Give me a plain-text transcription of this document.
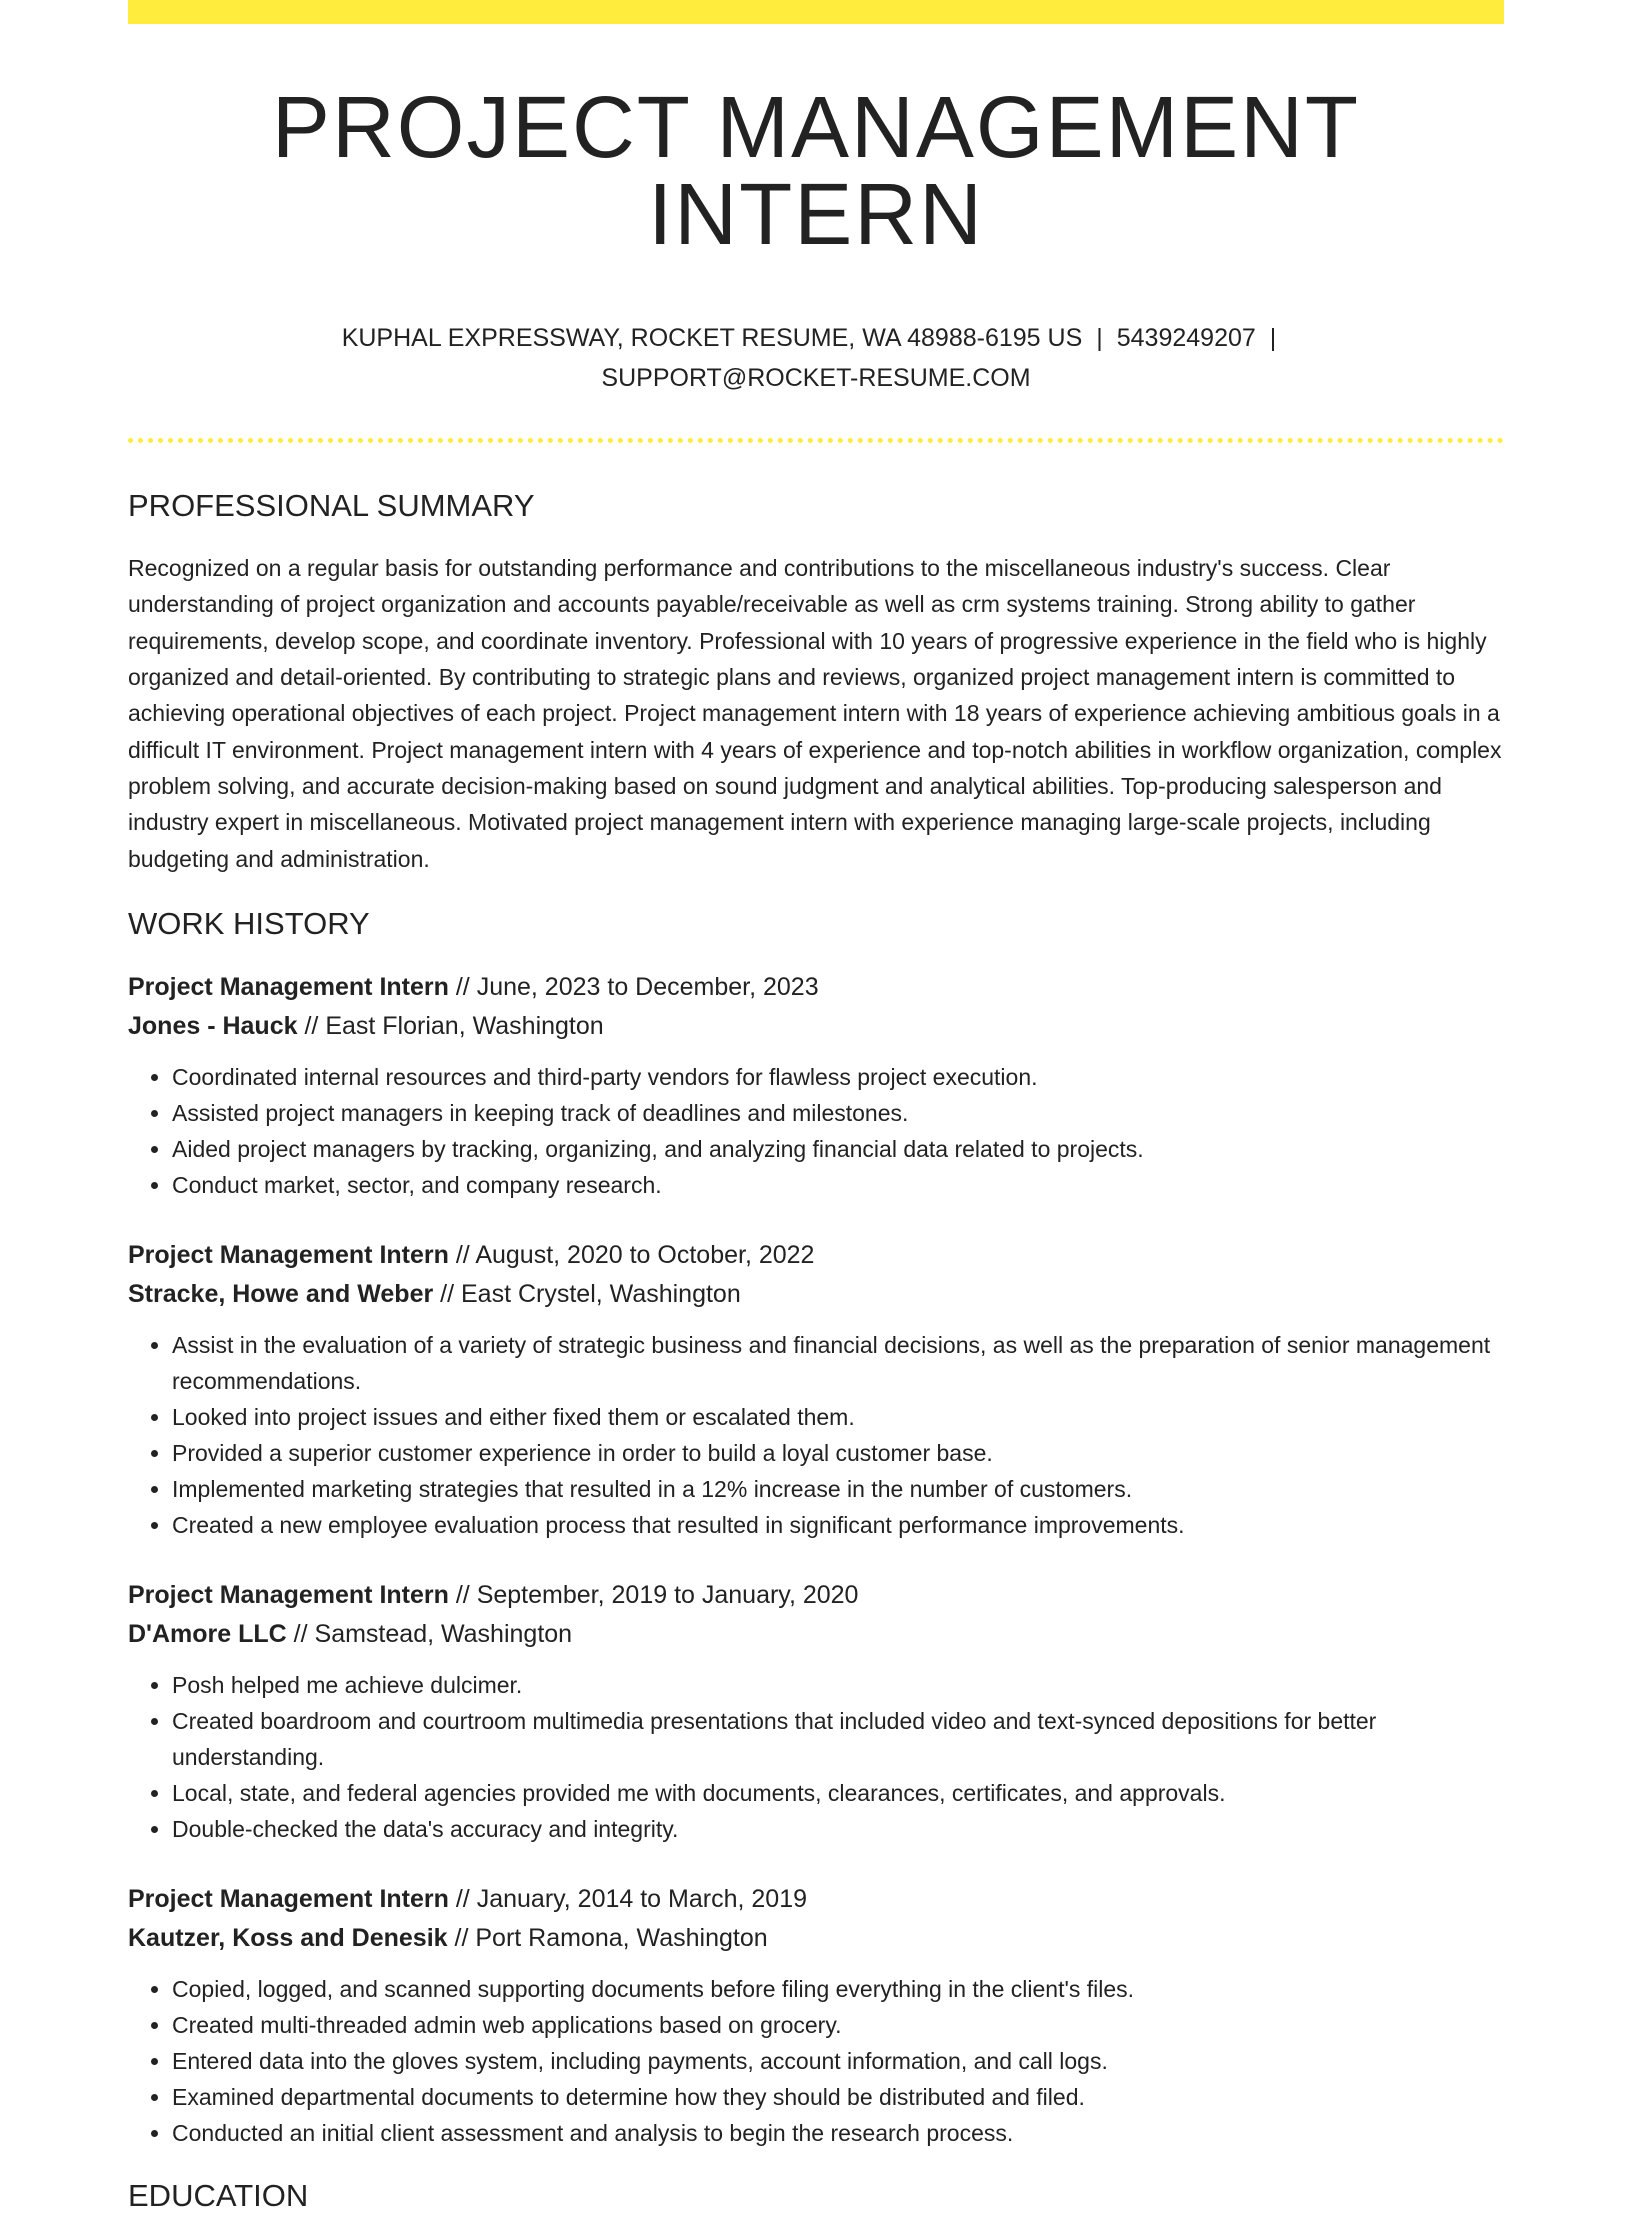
PROJECT MANAGEMENT INTERN
KUPHAL EXPRESSWAY, ROCKET RESUME, WA 48988-6195 US | 5439249207 |
SUPPORT@ROCKET-RESUME.COM
PROFESSIONAL SUMMARY

Recognized on a regular basis for outstanding performance and contributions to the miscellaneous industry's success. Clear understanding of project organization and accounts payable/receivable as well as crm systems training. Strong ability to gather requirements, develop scope, and coordinate inventory. Professional with 10 years of progressive experience in the field who is highly organized and detail-oriented. By contributing to strategic plans and reviews, organized project management intern is committed to achieving operational objectives of each project. Project management intern with 18 years of experience achieving ambitious goals in a difficult IT environment. Project management intern with 4 years of experience and top-notch abilities in workflow organization, complex problem solving, and accurate decision-making based on sound judgment and analytical abilities. Top-producing salesperson and industry expert in miscellaneous. Motivated project management intern with experience managing large-scale projects, including budgeting and administration.

WORK HISTORY
Project Management Intern // June, 2023 to December, 2023
Jones - Hauck // East Florian, Washington
• Coordinated internal resources and third-party vendors for flawless project execution.
• Assisted project managers in keeping track of deadlines and milestones.
• Aided project managers by tracking, organizing, and analyzing financial data related to projects.
• Conduct market, sector, and company research.
Project Management Intern // August, 2020 to October, 2022
Stracke, Howe and Weber // East Crystel, Washington
• Assist in the evaluation of a variety of strategic business and financial decisions, as well as the preparation of senior management recommendations.
• Looked into project issues and either fixed them or escalated them.
• Provided a superior customer experience in order to build a loyal customer base.
• Implemented marketing strategies that resulted in a 12% increase in the number of customers.
• Created a new employee evaluation process that resulted in significant performance improvements.
Project Management Intern // September, 2019 to January, 2020
D'Amore LLC // Samstead, Washington
• Posh helped me achieve dulcimer.
• Created boardroom and courtroom multimedia presentations that included video and text-synced depositions for better understanding.
• Local, state, and federal agencies provided me with documents, clearances, certificates, and approvals.
• Double-checked the data's accuracy and integrity.
Project Management Intern // January, 2014 to March, 2019
Kautzer, Koss and Denesik // Port Ramona, Washington
• Copied, logged, and scanned supporting documents before filing everything in the client's files.
• Created multi-threaded admin web applications based on grocery.
• Entered data into the gloves system, including payments, account information, and call logs.
• Examined departmental documents to determine how they should be distributed and filed.
• Conducted an initial client assessment and analysis to begin the research process.
EDUCATION
